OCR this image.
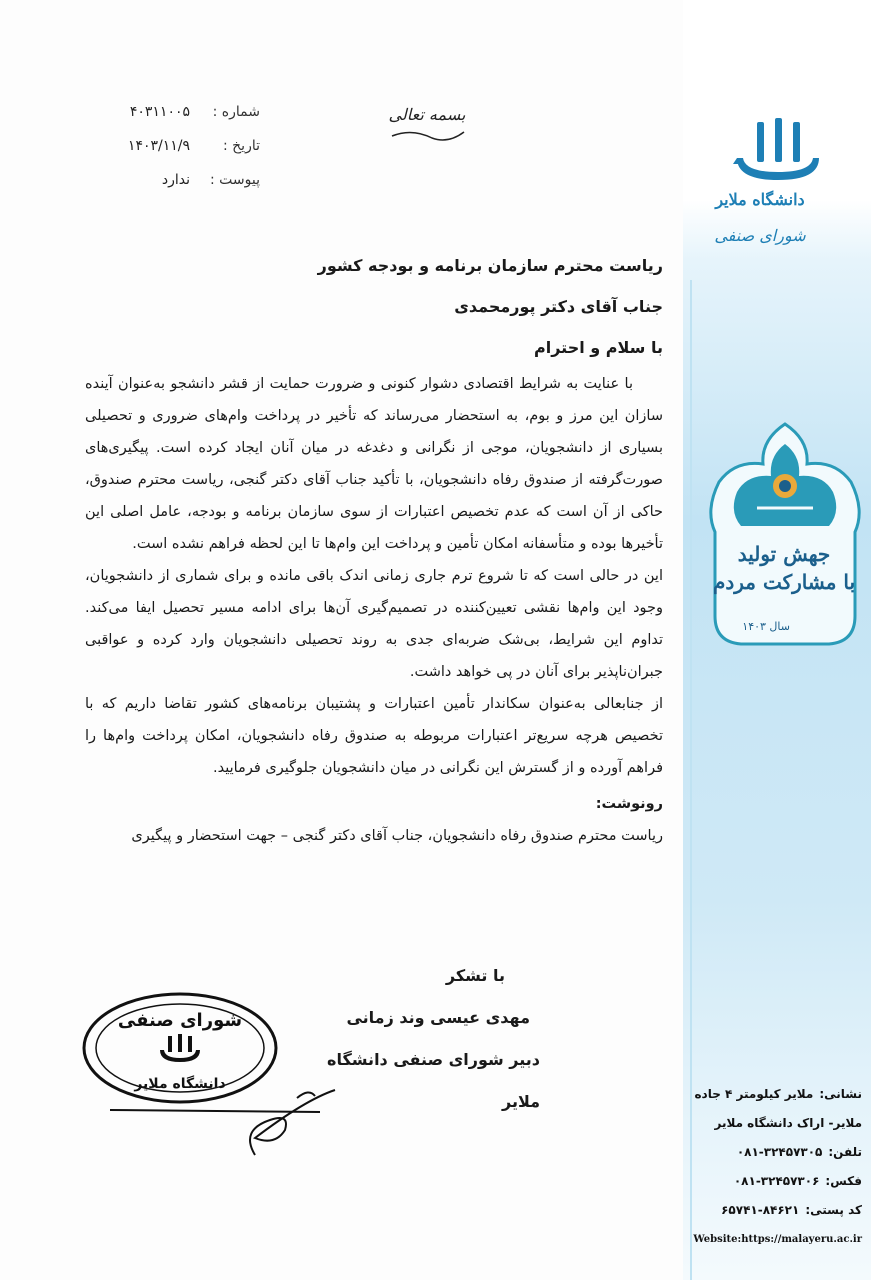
دانشگاه ملایر
شورای صنفی
جهش تولید
با مشارکت مردم
سال ۱۴۰۳
بسمه تعالی
شماره :
۴۰۳۱۱۰۰۵
تاریخ :
۱۴۰۳/۱۱/۹
پیوست :
ندارد

ریاست محترم سازمان برنامه و بودجه کشور

جناب آقای دکتر پورمحمدی

با سلام و احترام

با عنایت به شرایط اقتصادی دشوار کنونی و ضرورت حمایت از قشر دانشجو به‌عنوان آینده سازان این مرز و بوم، به استحضار می‌رساند که تأخیر در پرداخت وام‌های ضروری و تحصیلی بسیاری از دانشجویان، موجی از نگرانی و دغدغه در میان آنان ایجاد کرده است. پیگیری‌های صورت‌گرفته از صندوق رفاه دانشجویان، با تأکید جناب آقای دکتر گنجی، ریاست محترم صندوق، حاکی از آن است که عدم تخصیص اعتبارات از سوی سازمان برنامه و بودجه، عامل اصلی این تأخیرها بوده و متأسفانه امکان تأمین و پرداخت این وام‌ها تا این لحظه فراهم نشده است.

این در حالی است که تا شروع ترم جاری زمانی اندک باقی مانده و برای شماری از دانشجویان، وجود این وام‌ها نقشی تعیین‌کننده در تصمیم‌گیری آن‌ها برای ادامه مسیر تحصیل ایفا می‌کند. تداوم این شرایط، بی‌شک ضربه‌ای جدی به روند تحصیلی دانشجویان وارد کرده و عواقبی جبران‌ناپذیر برای آنان در پی خواهد داشت.

از جنابعالی به‌عنوان سکاندار تأمین اعتبارات و پشتیبان برنامه‌های کشور تقاضا داریم که با تخصیص هرچه سریع‌تر اعتبارات مربوطه به صندوق رفاه دانشجویان، امکان پرداخت وام‌ها را فراهم آورده و از گسترش این نگرانی در میان دانشجویان جلوگیری فرمایید.

رونوشت:

ریاست محترم صندوق رفاه دانشجویان، جناب آقای دکتر گنجی – جهت استحضار و پیگیری

با تشکر
مهدی عیسی وند زمانی
دبیر شورای صنفی دانشگاه ملایر
شورای صنفی
دانشگاه ملایر
نشانی:
ملایر کیلومتر ۴ جاده
ملایر- اراک دانشگاه ملایر
تلفن:
۰۸۱-۳۲۴۵۷۳۰۵
فکس:
۰۸۱-۳۲۴۵۷۳۰۶
کد پستی:
۶۵۷۴۱-۸۴۶۲۱
Website:https://malayeru.ac.ir
